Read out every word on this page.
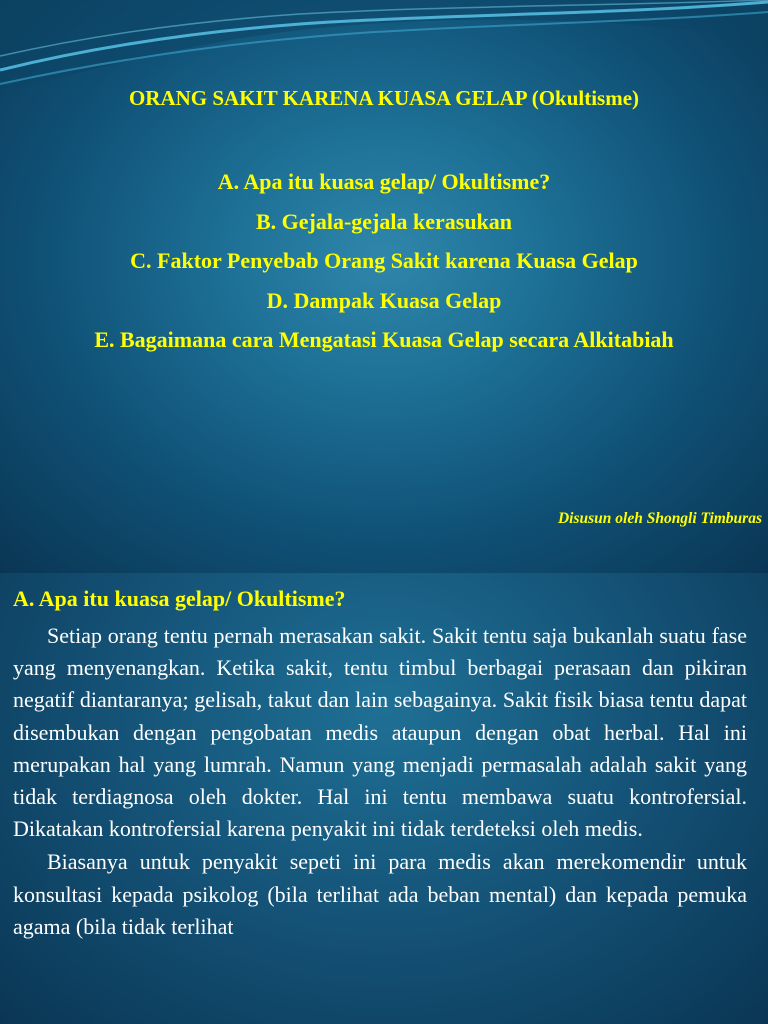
ORANG SAKIT KARENA KUASA GELAP (Okultisme)
A. Apa itu kuasa gelap/ Okultisme?
B. Gejala-gejala kerasukan
C. Faktor Penyebab Orang Sakit karena Kuasa Gelap
D. Dampak Kuasa Gelap
E. Bagaimana cara Mengatasi Kuasa Gelap secara Alkitabiah
Disusun oleh Shongli Timburas
A. Apa itu kuasa gelap/ Okultisme?

Setiap orang tentu pernah merasakan sakit. Sakit tentu saja bukanlah suatu fase yang menyenangkan. Ketika sakit, tentu timbul berbagai perasaan dan pikiran negatif diantaranya; gelisah, takut dan lain sebagainya. Sakit fisik biasa tentu dapat disembukan dengan pengobatan medis ataupun dengan obat herbal. Hal ini merupakan hal yang lumrah. Namun yang menjadi permasalah adalah sakit yang tidak terdiagnosa oleh dokter. Hal ini tentu membawa suatu kontrofersial. Dikatakan kontrofersial karena penyakit ini tidak terdeteksi oleh medis.

Biasanya untuk penyakit sepeti ini para medis akan merekomendir untuk konsultasi kepada psikolog (bila terlihat ada beban mental) dan kepada pemuka agama (bila tidak terlihat
